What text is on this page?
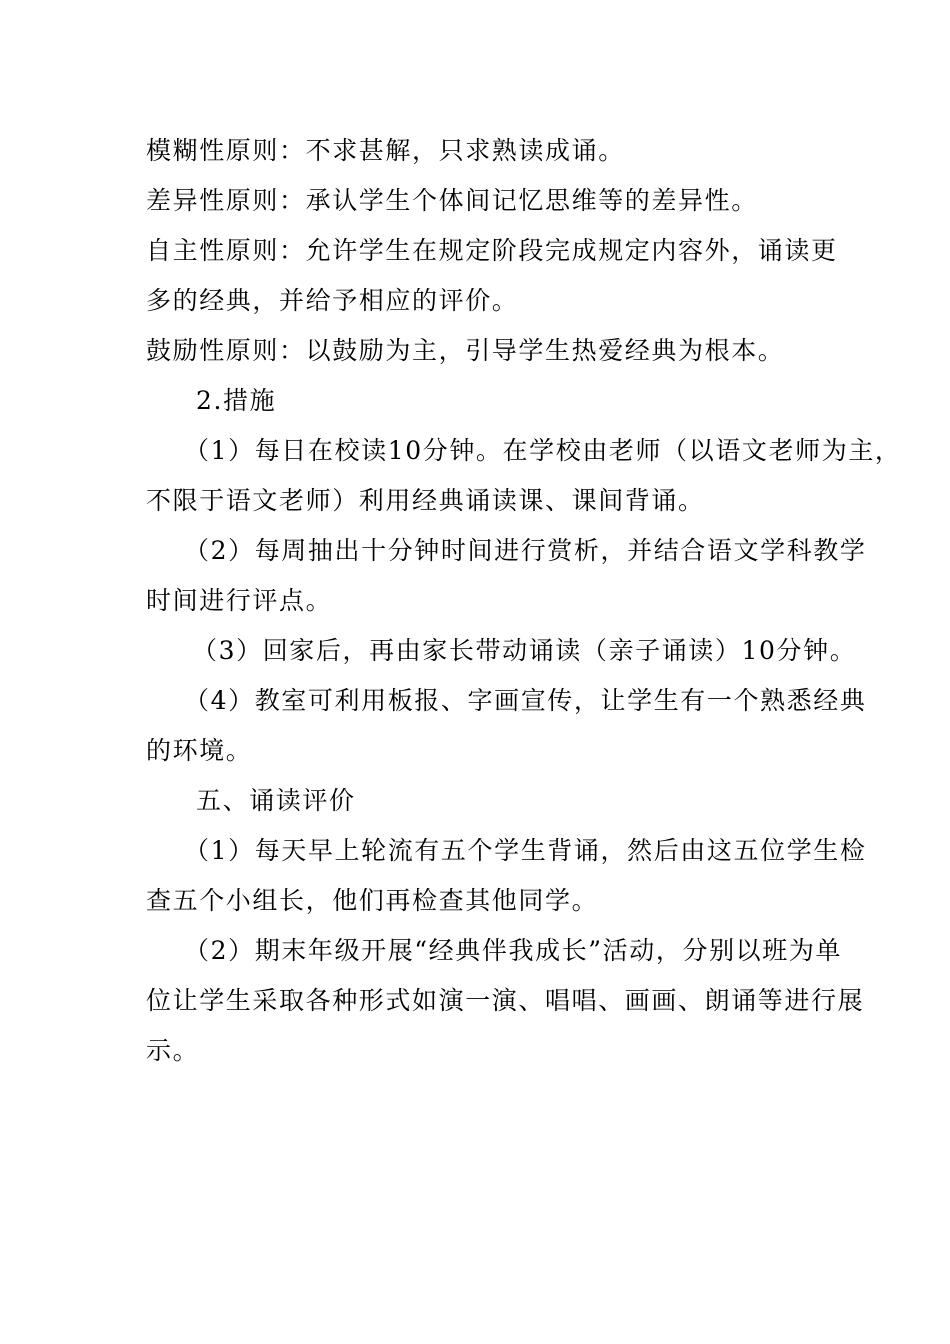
模糊性原则：不求甚解，只求熟读成诵。
差异性原则：承认学生个体间记忆思维等的差异性。
自主性原则：允许学生在规定阶段完成规定内容外，诵读更
多的经典，并给予相应的评价。
鼓励性原则：以鼓励为主，引导学生热爱经典为根本。
2.措施
（1）每日在校读10分钟。在学校由老师（以语文老师为主，
不限于语文老师）利用经典诵读课、课间背诵。
（2）每周抽出十分钟时间进行赏析，并结合语文学科教学
时间进行评点。
（3）回家后，再由家长带动诵读（亲子诵读）10分钟。
（4）教室可利用板报、字画宣传，让学生有一个熟悉经典
的环境。
五、诵读评价
（1）每天早上轮流有五个学生背诵，然后由这五位学生检
查五个小组长，他们再检查其他同学。
（2）期末年级开展“经典伴我成长”活动，分别以班为单
位让学生采取各种形式如演一演、唱唱、画画、朗诵等进行展
示。
